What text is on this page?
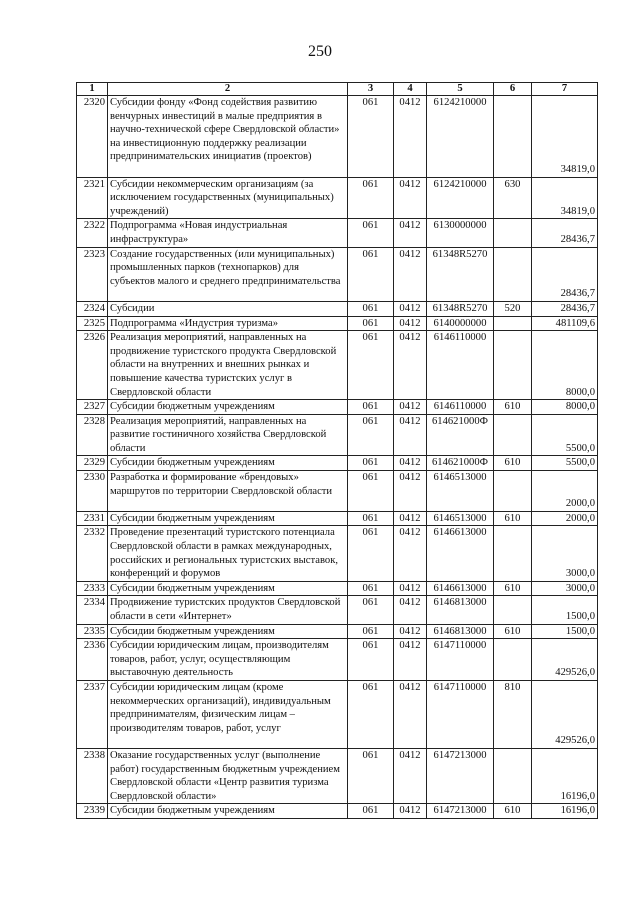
250
1	2	3	4	5	6	7
2320	Субсидии фонду «Фонд содействия развитию венчурных инвестиций в малые предприятия в научно-технической сфере Свердловской области» на инвестиционную поддержку реализации предпринимательских инициатив (проектов)	061	0412	6124210000		34819,0
2321	Субсидии некоммерческим организациям (за исключением государственных (муниципальных) учреждений)	061	0412	6124210000	630	34819,0
2322	Подпрограмма «Новая индустриальная инфраструктура»	061	0412	6130000000		28436,7
2323	Создание государственных (или муниципальных) промышленных парков (технопарков) для субъектов малого и среднего предпринимательства	061	0412	61348R5270		28436,7
2324	Субсидии	061	0412	61348R5270	520	28436,7
2325	Подпрограмма «Индустрия туризма»	061	0412	6140000000		481109,6
2326	Реализация мероприятий, направленных на продвижение туристского продукта Свердловской области на внутренних и внешних рынках и повышение качества туристских услуг в Свердловской области	061	0412	6146110000		8000,0
2327	Субсидии бюджетным учреждениям	061	0412	6146110000	610	8000,0
2328	Реализация мероприятий, направленных на развитие гостиничного хозяйства Свердловской области	061	0412	614621000Ф		5500,0
2329	Субсидии бюджетным учреждениям	061	0412	614621000Ф	610	5500,0
2330	Разработка и формирование «брендовых» маршрутов по территории Свердловской области	061	0412	6146513000		2000,0
2331	Субсидии бюджетным учреждениям	061	0412	6146513000	610	2000,0
2332	Проведение презентаций туристского потенциала Свердловской области в рамках международных, российских и региональных туристских выставок, конференций и форумов	061	0412	6146613000		3000,0
2333	Субсидии бюджетным учреждениям	061	0412	6146613000	610	3000,0
2334	Продвижение туристских продуктов Свердловской области в сети «Интернет»	061	0412	6146813000		1500,0
2335	Субсидии бюджетным учреждениям	061	0412	6146813000	610	1500,0
2336	Субсидии юридическим лицам, производителям товаров, работ, услуг, осуществляющим выставочную деятельность	061	0412	6147110000		429526,0
2337	Субсидии юридическим лицам (кроме некоммерческих организаций), индивидуальным предпринимателям, физическим лицам – производителям товаров, работ, услуг	061	0412	6147110000	810	429526,0
2338	Оказание государственных услуг (выполнение работ) государственным бюджетным учреждением Свердловской области «Центр развития туризма Свердловской области»	061	0412	6147213000		16196,0
2339	Субсидии бюджетным учреждениям	061	0412	6147213000	610	16196,0
